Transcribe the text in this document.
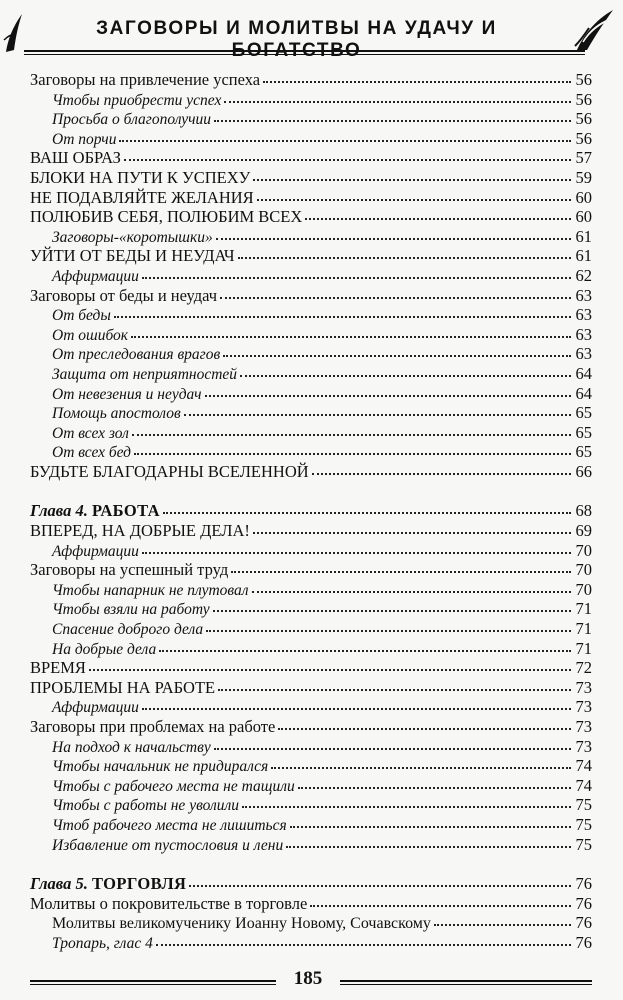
ЗАГОВОРЫ И МОЛИТВЫ НА УДАЧУ И
Заговоры на привлечение успеха	56
Чтобы приобрести успех	56
Просьба о благополучии	56
От порчи	56
ВАШ ОБРАЗ	57
БЛОКИ НА ПУТИ К УСПЕХУ	59
НЕ ПОДАВЛЯЙТЕ ЖЕЛАНИЯ	60
ПОЛЮБИВ СЕБЯ, ПОЛЮБИМ ВСЕХ	60
Заговоры-«коротышки»	61
УЙТИ ОТ БЕДЫ И НЕУДАЧ	61
Аффирмации	62
Заговоры от беды и неудач	63
От беды	63
От ошибок	63
От преследования врагов	63
Защита от неприятностей	64
От невезения и неудач	64
Помощь апостолов	65
От всех зол	65
От всех бед	65
БУДЬТЕ БЛАГОДАРНЫ ВСЕЛЕННОЙ	66
Глава 4. РАБОТА	68
ВПЕРЕД, НА ДОБРЫЕ ДЕЛА!	69
Аффирмации	70
Заговоры на успешный труд	70
Чтобы напарник не плутовал	70
Чтобы взяли на работу	71
Спасение доброго дела	71
На добрые дела	71
ВРЕМЯ	72
ПРОБЛЕМЫ НА РАБОТЕ	73
Аффирмации	73
Заговоры при проблемах на работе	73
На подход к начальству	73
Чтобы начальник не придирался	74
Чтобы с рабочего места не тащили	74
Чтобы с работы не уволили	75
Чтоб рабочего места не лишиться	75
Избавление от пустословия и лени	75
Глава 5. ТОРГОВЛЯ	76
Молитвы о покровительстве в торговле	76
Молитвы великомученику Иоанну Новому, Сочавскому	76
Тропарь, глас 4	76
185
